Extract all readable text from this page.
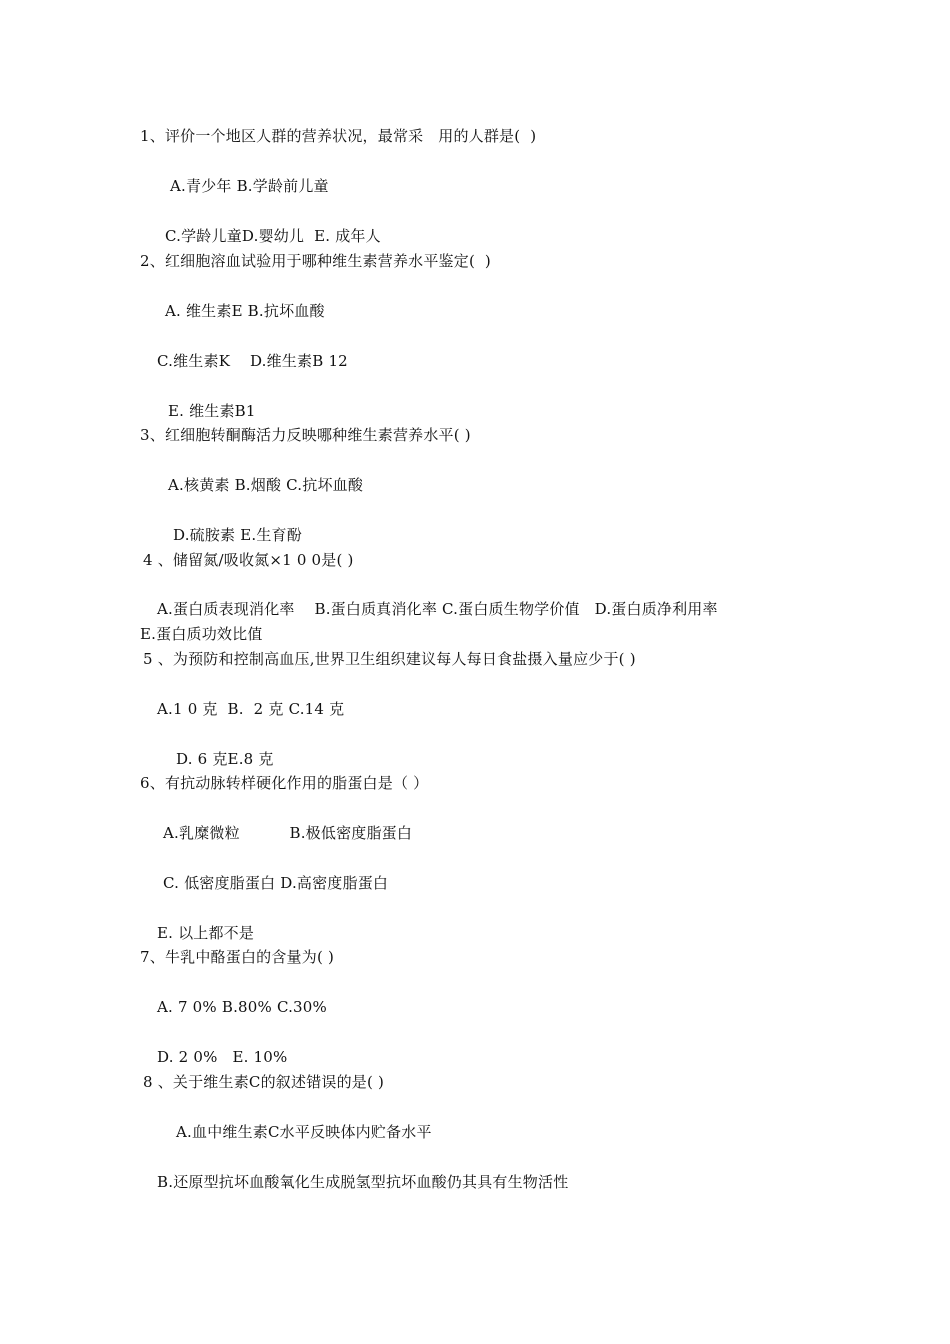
1、评价一个地区人群的营养状况，最常采   用的人群是(  )
A.青少年 B.学龄前儿童
C.学龄儿童D.婴幼儿  E. 成年人
2、红细胞溶血试验用于哪种维生素营养水平鉴定(  )
A. 维生素E B.抗坏血酸
C.维生素K    D.维生素B 12
E. 维生素B1
3、红细胞转酮酶活力反映哪种维生素营养水平( )
A.核黄素 B.烟酸 C.抗坏血酸
D.硫胺素 E.生育酚
4 、储留氮/吸收氮×1 0 0是( )
A.蛋白质表现消化率    B.蛋白质真消化率 C.蛋白质生物学价值   D.蛋白质净利用率
E.蛋白质功效比值
5 、为预防和控制高血压,世界卫生组织建议每人每日食盐摄入量应少于( )
A.1 0 克  B.  2 克 C.14 克
D. 6 克E.8 克
6、有抗动脉转样硬化作用的脂蛋白是（ ）
A.乳糜微粒          B.极低密度脂蛋白
C. 低密度脂蛋白 D.高密度脂蛋白
E. 以上都不是
7、牛乳中酪蛋白的含量为( )
A. 7 0% B.80% C.30%
D. 2 0%   E. 10%
8 、关于维生素C的叙述错误的是( )
A.血中维生素C水平反映体内贮备水平
B.还原型抗坏血酸氧化生成脱氢型抗坏血酸仍其具有生物活性
